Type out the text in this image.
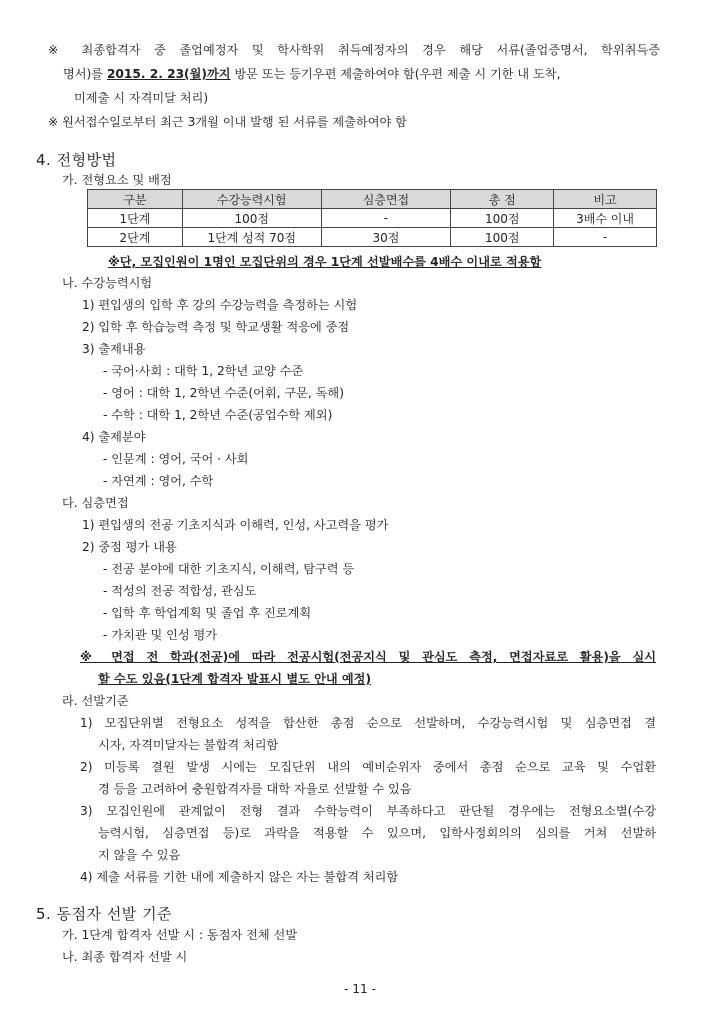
※ 최종합격자 중 졸업예정자 및 학사학위 취득예정자의 경우 해당 서류(졸업증명서, 학위취득증
명서)를 2015. 2. 23(월)까지 방문 또는 등기우편 제출하여야 함(우편 제출 시 기한 내 도착,
미제출 시 자격미달 처리)
※ 원서접수일로부터 최근 3개월 이내 발행 된 서류를 제출하여야 함
4. 전형방법
가. 전형요소 및 배점
구분	수강능력시험	심층면접	총 점	비고
1단계	100점	-	100점	3배수 이내
2단계	1단계 성적 70점	30점	100점	-
※단, 모집인원이 1명인 모집단위의 경우 1단계 선발배수를 4배수 이내로 적용함
나. 수강능력시험
1) 편입생의 입학 후 강의 수강능력을 측정하는 시험
2) 입학 후 학습능력 측정 및 학교생활 적응에 중점
3) 출제내용
- 국어·사회 : 대학 1, 2학년 교양 수준
- 영어 : 대학 1, 2학년 수준(어휘, 구문, 독해)
- 수학 : 대학 1, 2학년 수준(공업수학 제외)
4) 출제분야
- 인문계 : 영어, 국어 · 사회
- 자연계 : 영어, 수학
다. 심층면접
1) 편입생의 전공 기초지식과 이해력, 인성, 사고력을 평가
2) 중점 평가 내용
- 전공 분야에 대한 기초지식, 이해력, 탐구력 등
- 적성의 전공 적합성, 관심도
- 입학 후 학업계획 및 졸업 후 진로계획
- 가치관 및 인성 평가
※ 면접 전 학과(전공)에 따라 전공시험(전공지식 및 관심도 측정, 면접자료로 활용)을 실시
할 수도 있음(1단계 합격자 발표시 별도 안내 예정)
라. 선발기준
1) 모집단위별 전형요소 성적을 합산한 총점 순으로 선발하며, 수강능력시험 및 심층면접 결
시자, 자격미달자는 불합격 처리함
2) 미등록 결원 발생 시에는 모집단위 내의 예비순위자 중에서 총점 순으로 교육 및 수업환
경 등을 고려하여 충원합격자를 대학 자율로 선발할 수 있음
3) 모집인원에 관계없이 전형 결과 수학능력이 부족하다고 판단될 경우에는 전형요소별(수강
능력시험, 심층면접 등)로 과락을 적용할 수 있으며, 입학사정회의의 심의를 거쳐 선발하
지 않을 수 있음
4) 제출 서류를 기한 내에 제출하지 않은 자는 불합격 처리함
5. 동점자 선발 기준
가. 1단계 합격자 선발 시 : 동점자 전체 선발
나. 최종 합격자 선발 시
- 11 -
